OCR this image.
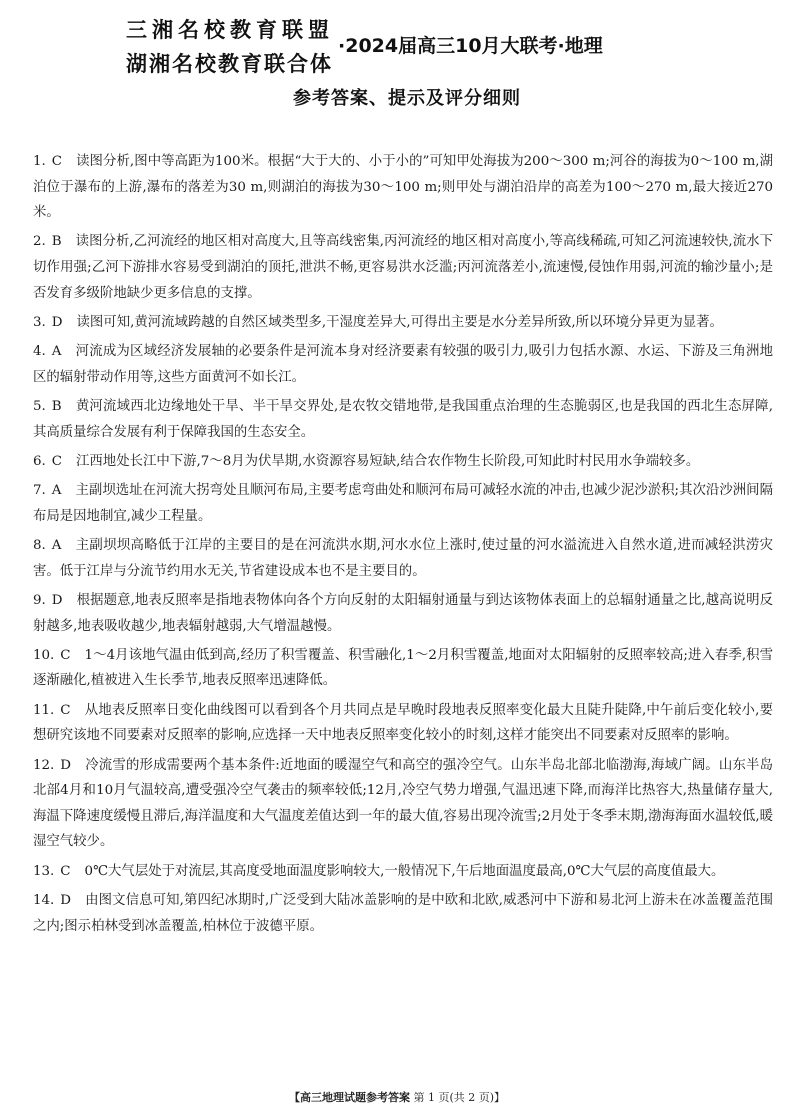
三湘名校教育联盟
湖湘名校教育联合体
·2024届高三10月大联考·地理
参考答案、提示及评分细则

1. C 读图分析,图中等高距为100米。根据“大于大的、小于小的”可知甲处海拔为200～300 m;河谷的海拔为0～100 m,湖泊位于瀑布的上游,瀑布的落差为30 m,则湖泊的海拔为30～100 m;则甲处与湖泊沿岸的高差为100～270 m,最大接近270米。

2. B 读图分析,乙河流经的地区相对高度大,且等高线密集,丙河流经的地区相对高度小,等高线稀疏,可知乙河流速较快,流水下切作用强;乙河下游排水容易受到湖泊的顶托,泄洪不畅,更容易洪水泛滥;丙河流落差小,流速慢,侵蚀作用弱,河流的输沙量小;是否发育多级阶地缺少更多信息的支撑。

3. D 读图可知,黄河流域跨越的自然区域类型多,干湿度差异大,可得出主要是水分差异所致,所以环境分异更为显著。

4. A 河流成为区域经济发展轴的必要条件是河流本身对经济要素有较强的吸引力,吸引力包括水源、水运、下游及三角洲地区的辐射带动作用等,这些方面黄河不如长江。

5. B 黄河流域西北边缘地处干旱、半干旱交界处,是农牧交错地带,是我国重点治理的生态脆弱区,也是我国的西北生态屏障,其高质量综合发展有利于保障我国的生态安全。

6. C 江西地处长江中下游,7～8月为伏旱期,水资源容易短缺,结合农作物生长阶段,可知此时村民用水争端较多。

7. A 主副坝选址在河流大拐弯处且顺河布局,主要考虑弯曲处和顺河布局可减轻水流的冲击,也减少泥沙淤积;其次沿沙洲间隔布局是因地制宜,减少工程量。

8. A 主副坝坝高略低于江岸的主要目的是在河流洪水期,河水水位上涨时,使过量的河水溢流进入自然水道,进而减轻洪涝灾害。低于江岸与分流节约用水无关,节省建设成本也不是主要目的。

9. D 根据题意,地表反照率是指地表物体向各个方向反射的太阳辐射通量与到达该物体表面上的总辐射通量之比,越高说明反射越多,地表吸收越少,地表辐射越弱,大气增温越慢。

10. C 1～4月该地气温由低到高,经历了积雪覆盖、积雪融化,1～2月积雪覆盖,地面对太阳辐射的反照率较高;进入春季,积雪逐渐融化,植被进入生长季节,地表反照率迅速降低。

11. C 从地表反照率日变化曲线图可以看到各个月共同点是早晚时段地表反照率变化最大且陡升陡降,中午前后变化较小,要想研究该地不同要素对反照率的影响,应选择一天中地表反照率变化较小的时刻,这样才能突出不同要素对反照率的影响。

12. D 冷流雪的形成需要两个基本条件:近地面的暖湿空气和高空的强冷空气。山东半岛北部北临渤海,海域广阔。山东半岛北部4月和10月气温较高,遭受强冷空气袭击的频率较低;12月,冷空气势力增强,气温迅速下降,而海洋比热容大,热量储存量大,海温下降速度缓慢且滞后,海洋温度和大气温度差值达到一年的最大值,容易出现冷流雪;2月处于冬季末期,渤海海面水温较低,暖湿空气较少。

13. C 0℃大气层处于对流层,其高度受地面温度影响较大,一般情况下,午后地面温度最高,0℃大气层的高度值最大。

14. D 由图文信息可知,第四纪冰期时,广泛受到大陆冰盖影响的是中欧和北欧,威悉河中下游和易北河上游未在冰盖覆盖范围之内;图示柏林受到冰盖覆盖,柏林位于波德平原。

【高三地理试题参考答案 第 1 页(共 2 页)】
